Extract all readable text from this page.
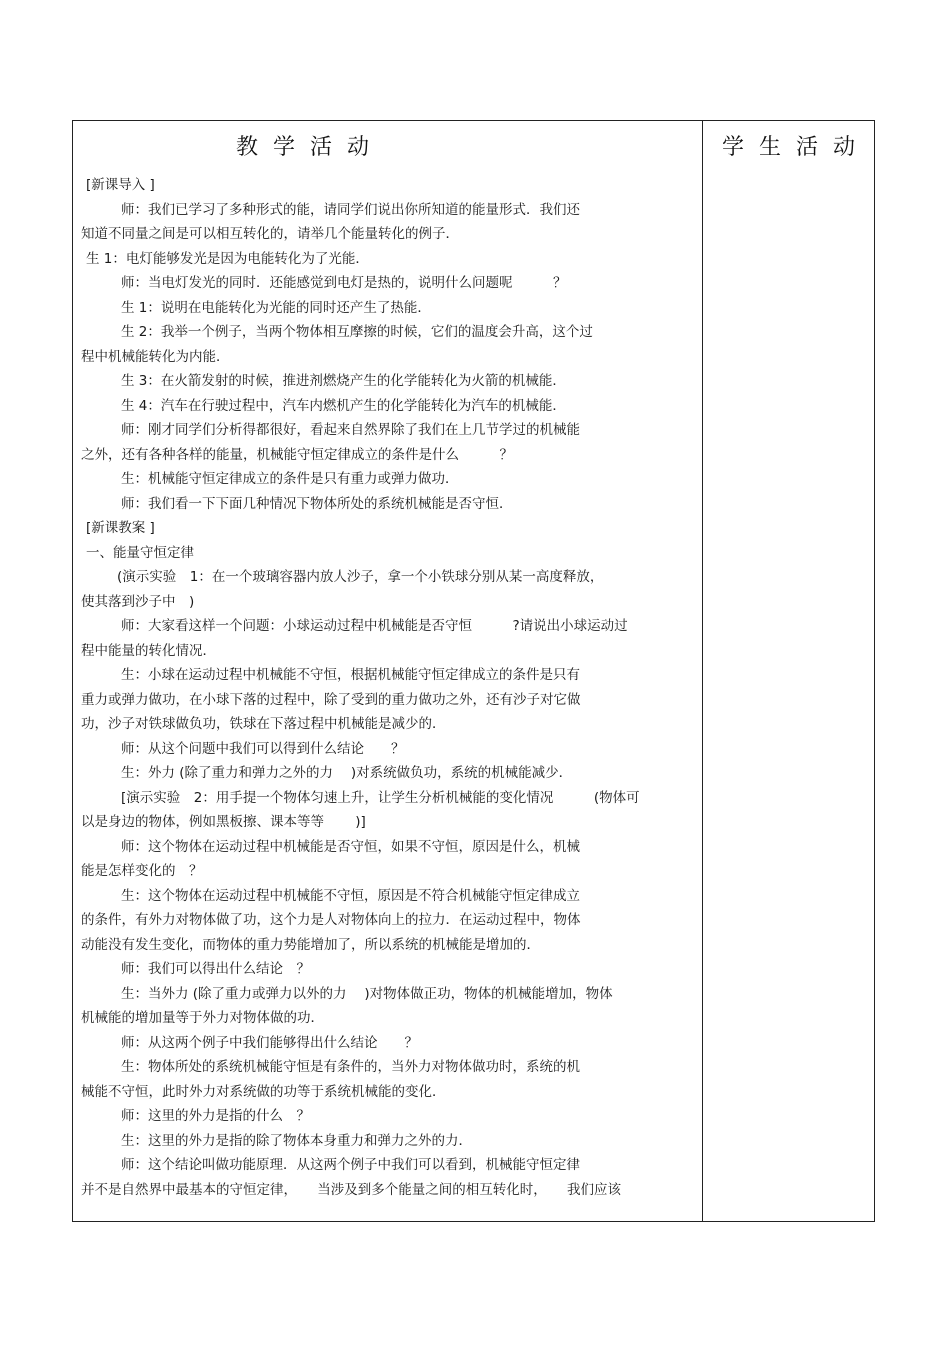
教学活动
[新课导入 ]
师：我们已学习了多种形式的能，请同学们说出你所知道的能量形式．我们还
知道不同量之间是可以相互转化的，请举几个能量转化的例子．
生 1：电灯能够发光是因为电能转化为了光能．
师：当电灯发光的同时．还能感觉到电灯是热的，说明什么问题呢　　　？
生 1：说明在电能转化为光能的同时还产生了热能．
生 2：我举一个例子，当两个物体相互摩擦的时候，它们的温度会升高，这个过
程中机械能转化为内能．
生 3：在火箭发射的时候，推进剂燃烧产生的化学能转化为火箭的机械能．
生 4：汽车在行驶过程中，汽车内燃机产生的化学能转化为汽车的机械能．
师：刚才同学们分析得都很好，看起来自然界除了我们在上几节学过的机械能
之外，还有各种各样的能量，机械能守恒定律成立的条件是什么　　　？
生：机械能守恒定律成立的条件是只有重力或弹力做功．
师：我们看一下下面几种情况下物体所处的系统机械能是否守恒．
[新课教案 ]
一、能量守恒定律
(演示实验　1：在一个玻璃容器内放人沙子，拿一个小铁球分别从某一高度释放，
使其落到沙子中　)
师：大家看这样一个问题：小球运动过程中机械能是否守恒　　　?请说出小球运动过
程中能量的转化情况．
生：小球在运动过程中机械能不守恒，根据机械能守恒定律成立的条件是只有
重力或弹力做功，在小球下落的过程中，除了受到的重力做功之外，还有沙子对它做
功，沙子对铁球做负功，铁球在下落过程中机械能是减少的．
师：从这个问题中我们可以得到什么结论　　？
生：外力 (除了重力和弹力之外的力　 )对系统做负功，系统的机械能减少．
[演示实验　2：用手提一个物体匀速上升，让学生分析机械能的变化情况　　　(物体可
以是身边的物体，例如黑板擦、课本等等　　 )]
师：这个物体在运动过程中机械能是否守恒，如果不守恒，原因是什么，机械
能是怎样变化的　？
生：这个物体在运动过程中机械能不守恒，原因是不符合机械能守恒定律成立
的条件，有外力对物体做了功，这个力是人对物体向上的拉力．在运动过程中，物体
动能没有发生变化，而物体的重力势能增加了，所以系统的机械能是增加的．
师：我们可以得出什么结论　？
生：当外力 (除了重力或弹力以外的力　 )对物体做正功，物体的机械能增加，物体
机械能的增加量等于外力对物体做的功．
师：从这两个例子中我们能够得出什么结论　　？
生：物体所处的系统机械能守恒是有条件的，当外力对物体做功时，系统的机
械能不守恒，此时外力对系统做的功等于系统机械能的变化．
师：这里的外力是指的什么　？
生：这里的外力是指的除了物体本身重力和弹力之外的力．
师：这个结论叫做功能原理．从这两个例子中我们可以看到，机械能守恒定律
并不是自然界中最基本的守恒定律，　　当涉及到多个能量之间的相互转化时，　　我们应该
学生活动
